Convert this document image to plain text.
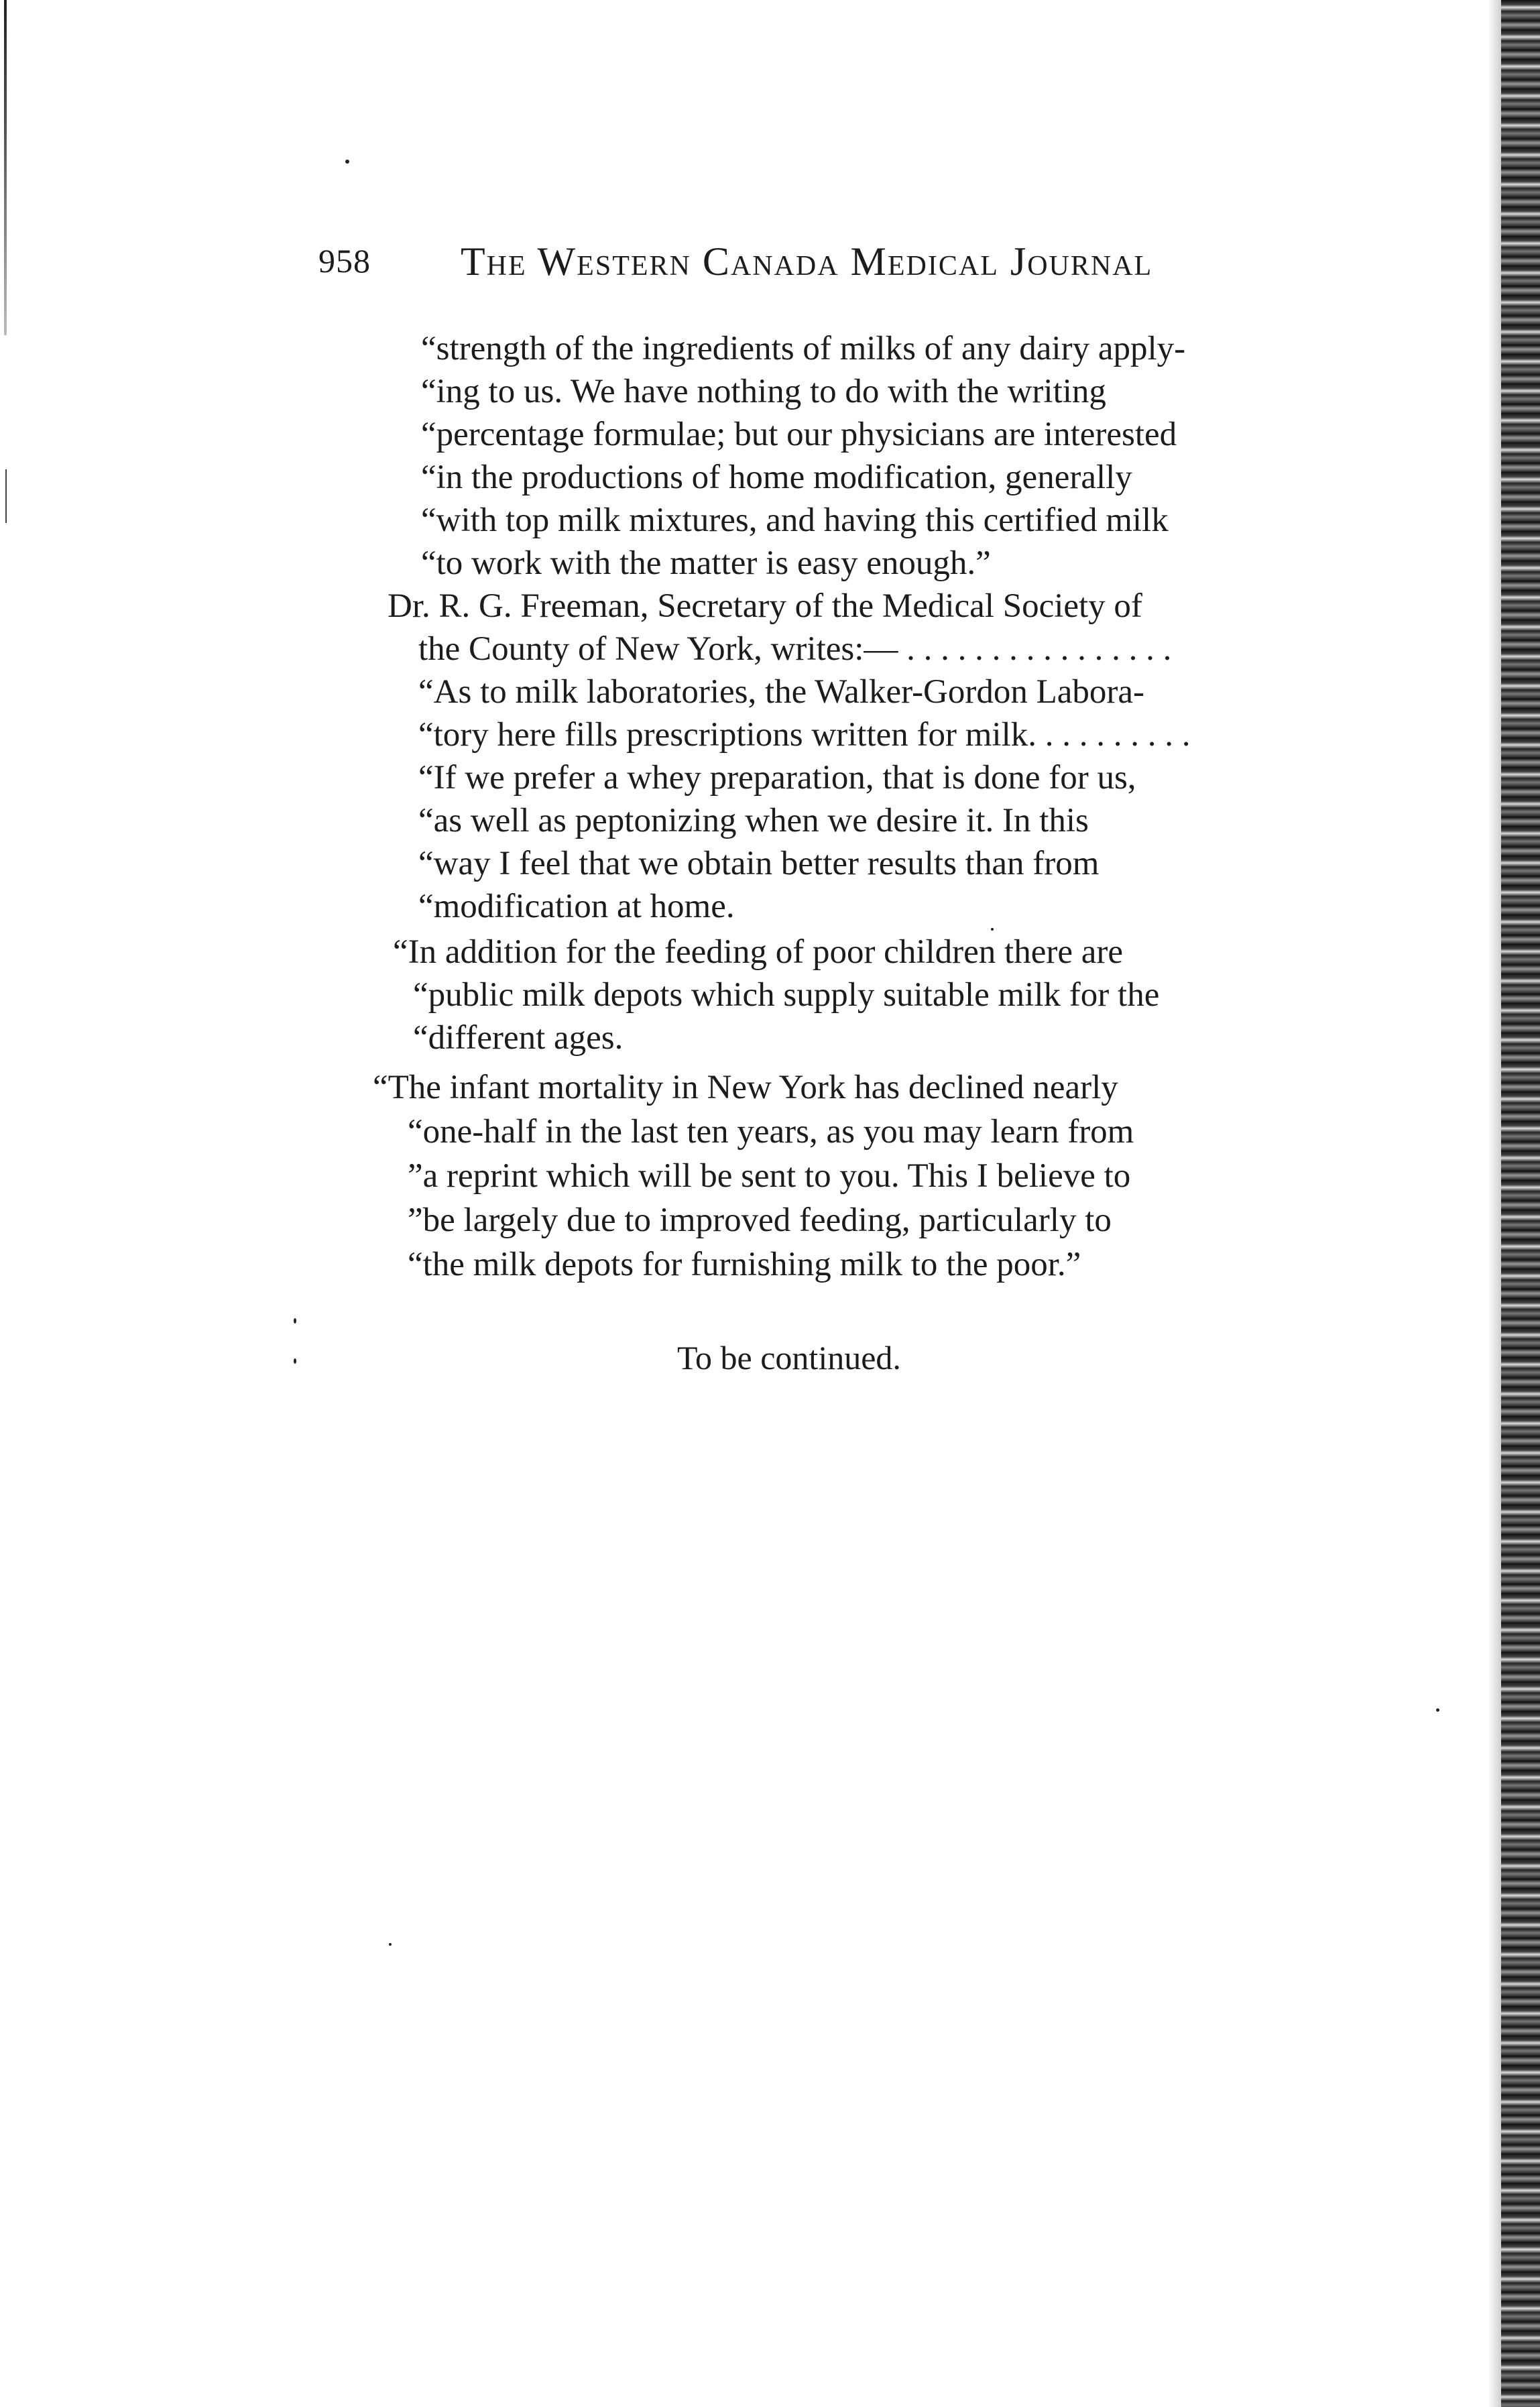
958 The Western Canada Medical Journal
“strength of the ingredients of milks of any dairy apply-
“ing to us. We have nothing to do with the writing
“percentage formulae; but our physicians are interested
“in the productions of home modification, generally
“with top milk mixtures, and having this certified milk
“to work with the matter is easy enough.”
Dr. R. G. Freeman, Secretary of the Medical Society of
the County of New York, writes:— . . . . . . . . . . . . . . . .
“As to milk laboratories, the Walker-Gordon Labora-
“tory here fills prescriptions written for milk. . . . . . . . . .
“If we prefer a whey preparation, that is done for us,
“as well as peptonizing when we desire it. In this
“way I feel that we obtain better results than from
“modification at home.
“In addition for the feeding of poor children there are
“public milk depots which supply suitable milk for the
“different ages.
“The infant mortality in New York has declined nearly
“one-half in the last ten years, as you may learn from
”a reprint which will be sent to you. This I believe to
”be largely due to improved feeding, particularly to
“the milk depots for furnishing milk to the poor.”
To be continued.
